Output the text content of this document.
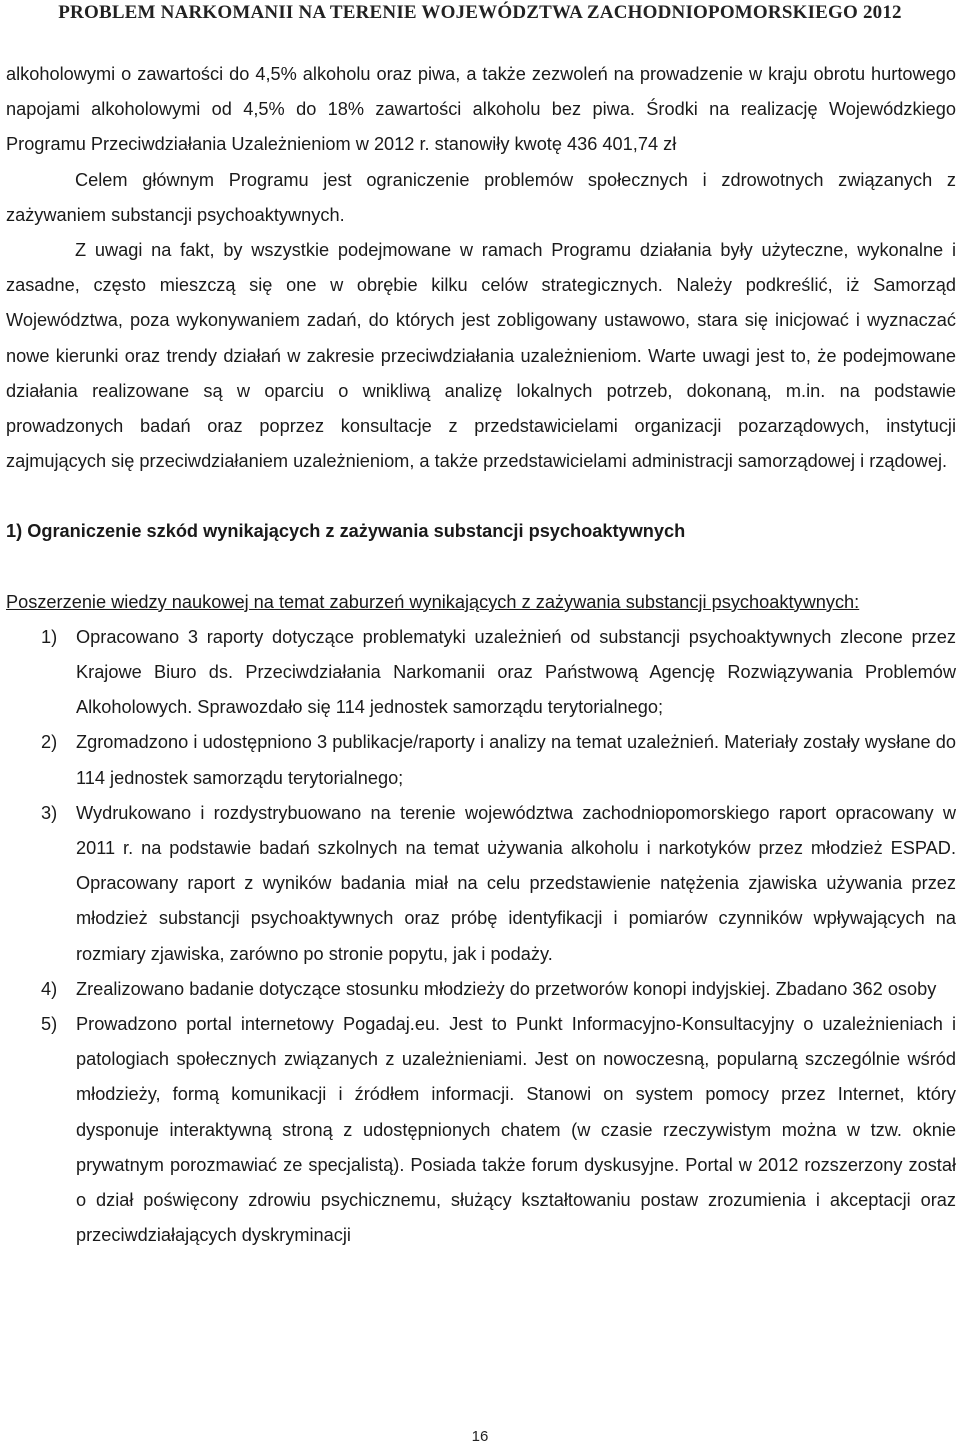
PROBLEM NARKOMANII NA TERENIE WOJEWÓDZTWA ZACHODNIOPOMORSKIEGO 2012

alkoholowymi o zawartości do 4,5% alkoholu oraz piwa, a także zezwoleń na prowadzenie w kraju obrotu hurtowego napojami alkoholowymi od 4,5% do 18% zawartości alkoholu bez piwa. Środki na realizację Wojewódzkiego Programu Przeciwdziałania Uzależnieniom w 2012 r. stanowiły kwotę 436 401,74 zł

Celem głównym Programu jest ograniczenie problemów społecznych i zdrowotnych związanych z zażywaniem substancji psychoaktywnych.

Z uwagi na fakt, by wszystkie podejmowane w ramach Programu działania były użyteczne, wykonalne i zasadne, często mieszczą się one w obrębie kilku celów strategicznych. Należy podkreślić, iż Samorząd Województwa, poza wykonywaniem zadań, do których jest zobligowany ustawowo, stara się inicjować i wyznaczać nowe kierunki oraz trendy działań w zakresie przeciwdziałania uzależnieniom. Warte uwagi jest to, że podejmowane działania realizowane są w oparciu o wnikliwą analizę lokalnych potrzeb, dokonaną, m.in. na podstawie prowadzonych badań oraz poprzez konsultacje z przedstawicielami organizacji pozarządowych, instytucji zajmujących się przeciwdziałaniem uzależnieniom, a także przedstawicielami administracji samorządowej i rządowej.

1) Ograniczenie szkód wynikających z zażywania substancji psychoaktywnych

Poszerzenie wiedzy naukowej na temat zaburzeń wynikających z zażywania substancji psychoaktywnych:

1) Opracowano 3 raporty dotyczące problematyki uzależnień od substancji psychoaktywnych zlecone przez Krajowe Biuro ds. Przeciwdziałania Narkomanii oraz Państwową Agencję Rozwiązywania Problemów Alkoholowych. Sprawozdało się 114 jednostek samorządu terytorialnego;
2) Zgromadzono i udostępniono 3 publikacje/raporty i analizy na temat uzależnień. Materiały zostały wysłane do 114 jednostek samorządu terytorialnego;
3) Wydrukowano i rozdystrybuowano na terenie województwa zachodniopomorskiego raport opracowany w 2011 r. na podstawie badań szkolnych na temat używania alkoholu i narkotyków przez młodzież ESPAD. Opracowany raport z wyników badania miał na celu przedstawienie natężenia zjawiska używania przez młodzież substancji psychoaktywnych oraz próbę identyfikacji i pomiarów czynników wpływających na rozmiary zjawiska, zarówno po stronie popytu, jak i podaży.
4) Zrealizowano badanie dotyczące stosunku młodzieży do przetworów konopi indyjskiej. Zbadano 362 osoby
5) Prowadzono portal internetowy Pogadaj.eu. Jest to Punkt Informacyjno-Konsultacyjny o uzależnieniach i patologiach społecznych związanych z uzależnieniami. Jest on nowoczesną, popularną szczególnie wśród młodzieży, formą komunikacji i źródłem informacji. Stanowi on system pomocy przez Internet, który dysponuje interaktywną stroną z udostępnionych chatem (w czasie rzeczywistym można w tzw. oknie prywatnym porozmawiać ze specjalistą). Posiada także forum dyskusyjne. Portal w 2012 rozszerzony został o dział poświęcony zdrowiu psychicznemu, służący kształtowaniu postaw zrozumienia i akceptacji oraz przeciwdziałających dyskryminacji
16
